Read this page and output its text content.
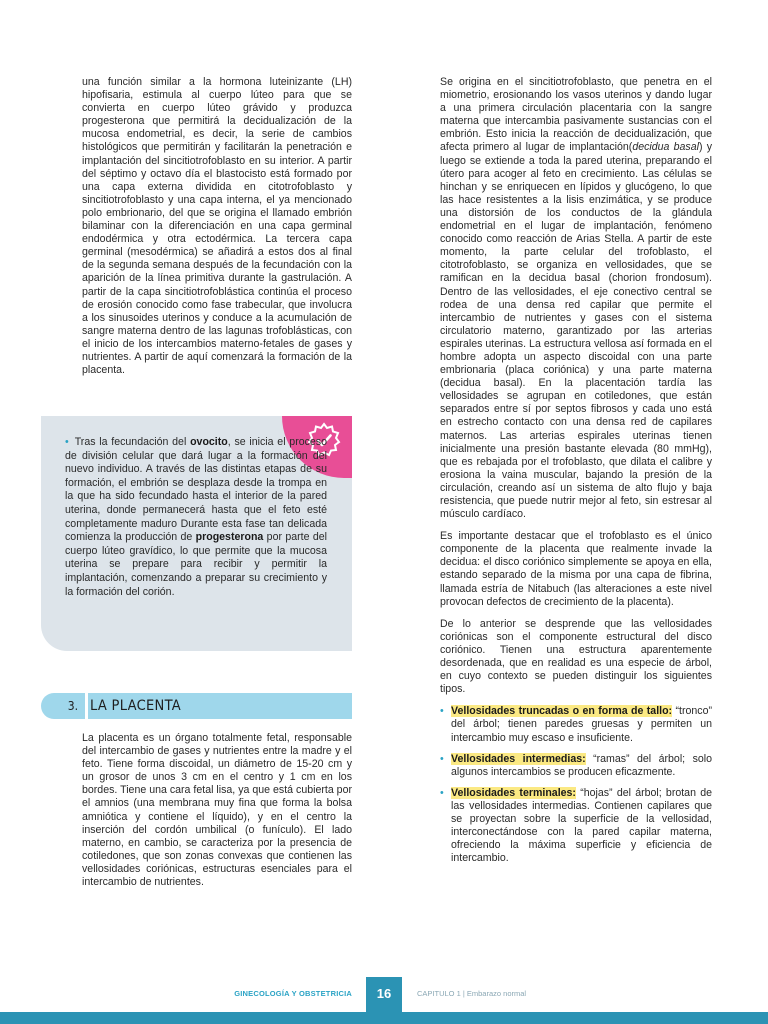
una función similar a la hormona luteinizante (LH) hipofisaria, estimula al cuerpo lúteo para que se convierta en cuerpo lúteo grávido y produzca progesterona que permitirá la decidualización de la mucosa endometrial, es decir, la serie de cambios histológicos que permitirán y facilitarán la penetración e implantación del sincitiotrofoblasto en su interior. A partir del séptimo y octavo día el blastocisto está formado por una capa externa dividida en citotrofoblasto y sincitiotrofoblasto y una capa interna, el ya mencionado polo embrionario, del que se origina el llamado embrión bilaminar con la diferenciación en una capa germinal endodérmica y otra ectodérmica. La tercera capa germinal (mesodérmica) se añadirá a estos dos al final de la segunda semana después de la fecundación con la aparición de la línea primitiva durante la gastrulación. A partir de la capa sincitiotrofoblástica continúa el proceso de erosión conocido como fase trabecular, que involucra a los sinusoides uterinos y conduce a la acumulación de sangre materna dentro de las lagunas trofoblásticas, con el inicio de los intercambios materno-fetales de gases y nutrientes. A partir de aquí comenzará la formación de la placenta.

• Tras la fecundación del ovocito, se inicia el proceso de división celular que dará lugar a la formación del nuevo individuo. A través de las distintas etapas de su formación, el embrión se desplaza desde la trompa en la que ha sido fecundado hasta el interior de la pared uterina, donde permanecerá hasta que el feto esté completamente maduro Durante esta fase tan delicada comienza la producción de progesterona por parte del cuerpo lúteo gravídico, lo que permite que la mucosa uterina se prepare para recibir y permitir la implantación, comenzando a preparar su crecimiento y la formación del corión.

3. LA PLACENTA

La placenta es un órgano totalmente fetal, responsable del intercambio de gases y nutrientes entre la madre y el feto. Tiene forma discoidal, un diámetro de 15-20 cm y un grosor de unos 3 cm en el centro y 1 cm en los bordes. Tiene una cara fetal lisa, ya que está cubierta por el amnios (una membrana muy fina que forma la bolsa amniótica y contiene el líquido), y en el centro la inserción del cordón umbilical (o funículo). El lado materno, en cambio, se caracteriza por la presencia de cotiledones, que son zonas convexas que contienen las vellosidades coriónicas, estructuras esenciales para el intercambio de nutrientes.

Se origina en el sincitiotrofoblasto, que penetra en el miometrio, erosionando los vasos uterinos y dando lugar a una primera circulación placentaria con la sangre materna que intercambia pasivamente sustancias con el embrión. Esto inicia la reacción de decidualización, que afecta primero al lugar de implantación(decidua basal) y luego se extiende a toda la pared uterina, preparando el útero para acoger al feto en crecimiento. Las células se hinchan y se enriquecen en lípidos y glucógeno, lo que las hace resistentes a la lisis enzimática, y se produce una distorsión de los conductos de la glándula endometrial en el lugar de implantación, fenómeno conocido como reacción de Arias Stella. A partir de este momento, la parte celular del trofoblasto, el citotrofoblasto, se organiza en vellosidades, que se ramifican en la decidua basal (chorion frondosum). Dentro de las vellosidades, el eje conectivo central se rodea de una densa red capilar que permite el intercambio de nutrientes y gases con el sistema circulatorio materno, garantizado por las arterias espirales uterinas. La estructura vellosa así formada en el hombre adopta un aspecto discoidal con una parte embrionaria (placa coriónica) y una parte materna (decidua basal). En la placentación tardía las vellosidades se agrupan en cotiledones, que están separados entre sí por septos fibrosos y cada uno está en estrecho contacto con una densa red de capilares maternos. Las arterias espirales uterinas tienen inicialmente una presión bastante elevada (80 mmHg), que es rebajada por el trofoblasto, que dilata el calibre y erosiona la vaina muscular, bajando la presión de la circulación, creando así un sistema de alto flujo y baja resistencia, que puede nutrir mejor al feto, sin estresar al músculo cardíaco.

Es importante destacar que el trofoblasto es el único componente de la placenta que realmente invade la decidua: el disco coriónico simplemente se apoya en ella, estando separado de la misma por una capa de fibrina, llamada estría de Nitabuch (las alteraciones a este nivel provocan defectos de crecimiento de la placenta).

De lo anterior se desprende que las vellosidades coriónicas son el componente estructural del disco coriónico. Tienen una estructura aparentemente desordenada, que en realidad es una especie de árbol, en cuyo contexto se pueden distinguir los siguientes tipos.

• Vellosidades truncadas o en forma de tallo: “tronco” del árbol; tienen paredes gruesas y permiten un intercambio muy escaso e insuficiente.
• Vellosidades intermedias: “ramas” del árbol; solo algunos intercambios se producen eficazmente.
• Vellosidades terminales: “hojas” del árbol; brotan de las vellosidades intermedias. Contienen capilares que se proyectan sobre la superficie de la vellosidad, interconectándose con la pared capilar materna, ofreciendo la máxima superficie y eficiencia de intercambio.
GINECOLOGÍA Y OBSTETRICIA	16	CAPITULO 1 | Embarazo normal
